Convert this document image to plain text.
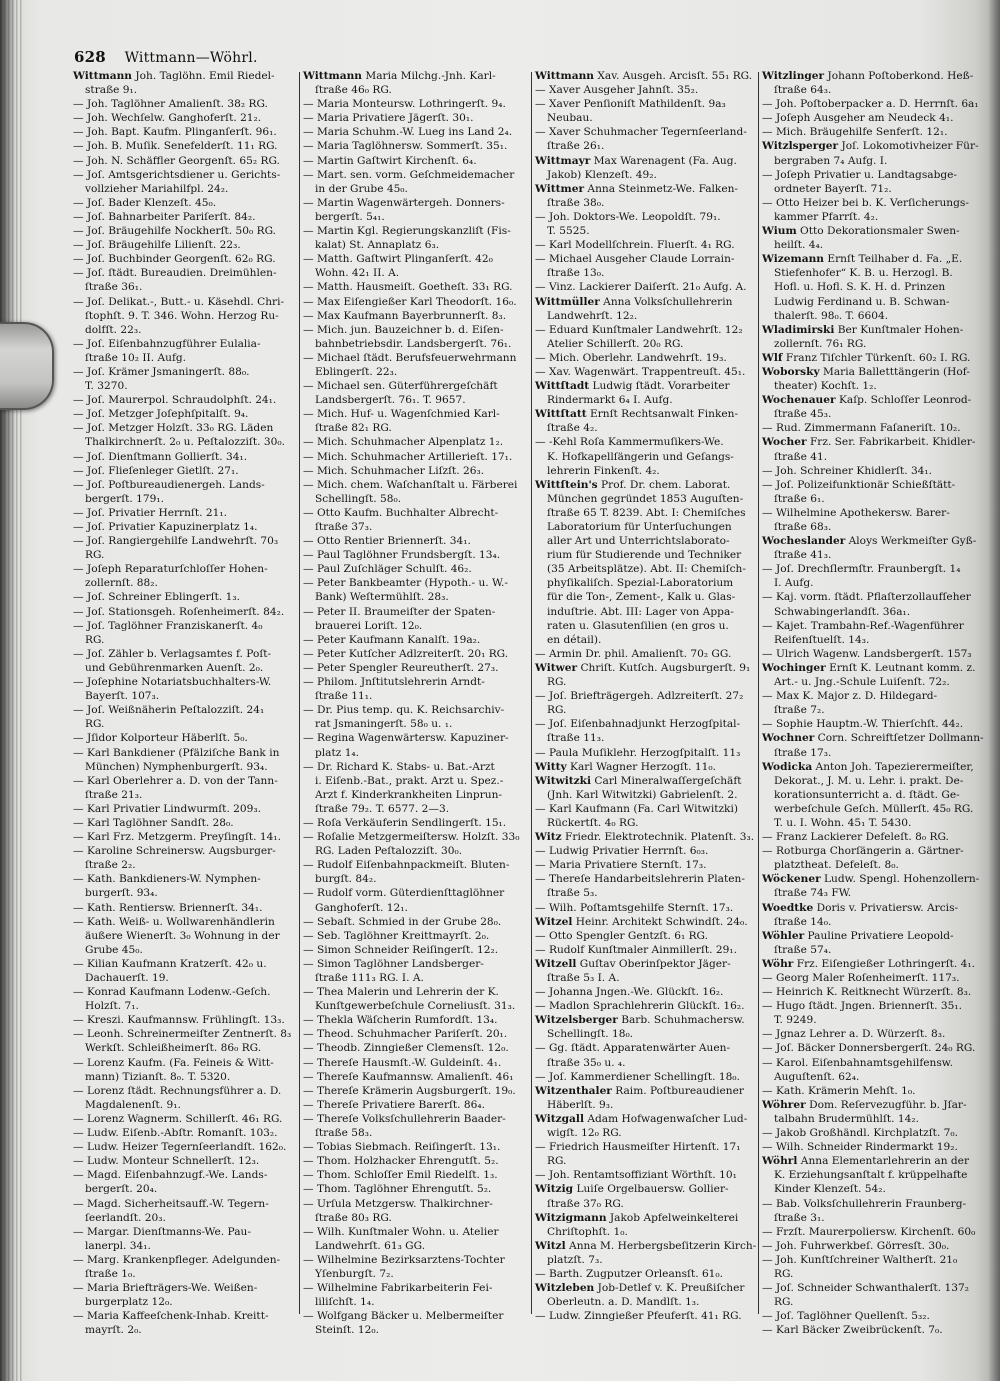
628 Wittmann—Wöhrl.
Wittmann Joh. Taglöhn. Emil Riedel-
straße 9₁.
— Joh. Taglöhner Amalienſt. 38₂ RG.
— Joh. Wechſelw. Ganghoferſt. 21₂.
— Joh. Bapt. Kaufm. Plinganſerſt. 96₁.
— Joh. B. Muſik. Senefelderſt. 11₁ RG.
— Joh. N. Schäffler Georgenſt. 65₂ RG.
— Joſ. Amtsgerichtsdiener u. Gerichts-
vollzieher Mariahilfpl. 24₂.
— Joſ. Bader Klenzeſt. 45₀.
— Joſ. Bahnarbeiter Pariſerſt. 84₂.
— Joſ. Bräugehilfe Nockherſt. 50₀ RG.
— Joſ. Bräugehilfe Lilienſt. 22₃.
— Joſ. Buchbinder Georgenſt. 62₀ RG.
— Joſ. ſtädt. Bureaudien. Dreimühlen-
ſtraße 36₁.
— Joſ. Delikat.-, Butt.- u. Käsehdl. Chri-
ſtophſt. 9. T. 346. Wohn. Herzog Ru-
dolfſt. 22₃.
— Joſ. Eiſenbahnzugführer Eulalia-
ſtraße 10₂ II. Aufg.
— Joſ. Krämer Jsmaningerſt. 88₀.
T. 3270.
— Joſ. Maurerpol. Schraudolphſt. 24₁.
— Joſ. Metzger Joſephſpitalſt. 9₄.
— Joſ. Metzger Holzſt. 33₀ RG. Läden
Thalkirchnerſt. 2₀ u. Peſtalozziſt. 30₀.
— Joſ. Dienſtmann Gollierſt. 34₁.
— Joſ. Flieſenleger Gietlſt. 27₁.
— Joſ. Poſtbureaudienergeh. Lands-
bergerſt. 179₁.
— Joſ. Privatier Herrnſt. 21₁.
— Joſ. Privatier Kapuzinerplatz 1₄.
— Joſ. Rangiergehilfe Landwehrſt. 70₃
RG.
— Joſeph Reparaturſchloſſer Hohen-
zollernſt. 88₂.
— Joſ. Schreiner Eblingerſt. 1₃.
— Joſ. Stationsgeh. Roſenheimerſt. 84₂.
— Joſ. Taglöhner Franziskanerſt. 4₀
RG.
— Joſ. Zähler b. Verlagsamtes f. Poſt-
und Gebührenmarken Auenſt. 2₀.
— Joſephine Notariatsbuchhalters-W.
Bayerſt. 107₃.
— Joſ. Weißnäherin Peſtalozziſt. 24₁
RG.
— Jſidor Kolporteur Häberlſt. 5₀.
— Karl Bankdiener (Pfälziſche Bank in
München) Nymphenburgerſt. 93₄.
— Karl Oberlehrer a. D. von der Tann-
ſtraße 21₃.
— Karl Privatier Lindwurmſt. 209₃.
— Karl Taglöhner Sandſt. 28₀.
— Karl Frz. Metzgerm. Preyſingſt. 14₁.
— Karoline Schreinersw. Augsburger-
ſtraße 2₂.
— Kath. Bankdieners-W. Nymphen-
burgerſt. 93₄.
— Kath. Rentiersw. Briennerſt. 34₁.
— Kath. Weiß- u. Wollwarenhändlerin
äußere Wienerſt. 3₀ Wohnung in der
Grube 45₀.
— Kilian Kaufmann Kratzerſt. 42₀ u.
Dachauerſt. 19.
— Konrad Kaufmann Lodenw.-Geſch.
Holzſt. 7₁.
— Kreszi. Kaufmannsw. Frühlingſt. 13₃.
— Leonh. Schreinermeiſter Zentnerſt. 8₃
Werkſt. Schleißheimerſt. 86₀ RG.
— Lorenz Kaufm. (Fa. Feineis & Witt-
mann) Tizianſt. 8₀. T. 5320.
— Lorenz ſtädt. Rechnungsführer a. D.
Magdalenenſt. 9₁.
— Lorenz Wagnerm. Schillerſt. 46₁ RG.
— Ludw. Eiſenb.-Abſtr. Romanſt. 103₂.
— Ludw. Heizer Tegernſeerlandſt. 162₀.
— Ludw. Monteur Schnellerſt. 12₃.
— Magd. Eiſenbahnzugf.-We. Lands-
bergerſt. 20₄.
— Magd. Sicherheitsauff.-W. Tegern-
ſeerlandſt. 20₃.
— Margar. Dienſtmanns-We. Pau-
lanerpl. 34₁.
— Marg. Krankenpfleger. Adelgunden-
ſtraße 1₀.
— Maria Briefträgers-We. Weißen-
burgerplatz 12₀.
— Maria Kaffeeſchenk-Inhab. Kreitt-
mayrſt. 2₀.
Wittmann Maria Milchg.-Jnh. Karl-
ſtraße 46₀ RG.
— Maria Monteursw. Lothringerſt. 9₄.
— Maria Privatiere Jägerſt. 30₁.
— Maria Schuhm.-W. Lueg ins Land 2₄.
— Maria Taglöhnersw. Sommerſt. 35₁.
— Martin Gaſtwirt Kirchenſt. 6₄.
— Mart. sen. vorm. Geſchmeidemacher
in der Grube 45₀.
— Martin Wagenwärtergeh. Donners-
bergerſt. 5₄₁.
— Martin Kgl. Regierungskanzliſt (Fis-
kalat) St. Annaplatz 6₃.
— Matth. Gaſtwirt Plinganſerſt. 42₀
Wohn. 42₁ II. A.
— Matth. Hausmeiſt. Goetheſt. 33₁ RG.
— Max Eiſengießer Karl Theodorſt. 16₀.
— Max Kaufmann Bayerbrunnerſt. 8₃.
— Mich. jun. Bauzeichner b. d. Eiſen-
bahnbetriebsdir. Landsbergerſt. 76₁.
— Michael ſtädt. Berufsfeuerwehrmann
Eblingerſt. 22₃.
— Michael sen. Güterführergeſchäft
Landsbergerſt. 76₁. T. 9657.
— Mich. Huf- u. Wagenſchmied Karl-
ſtraße 82₁ RG.
— Mich. Schuhmacher Alpenplatz 1₂.
— Mich. Schuhmacher Artillerieſt. 17₁.
— Mich. Schuhmacher Liſzſt. 26₃.
— Mich. chem. Waſchanſtalt u. Färberei
Schellingſt. 58₀.
— Otto Kaufm. Buchhalter Albrecht-
ſtraße 37₃.
— Otto Rentier Briennerſt. 34₁.
— Paul Taglöhner Frundsbergſt. 13₄.
— Paul Zuſchläger Schulſt. 46₂.
— Peter Bankbeamter (Hypoth.- u. W.-
Bank) Weſtermühlſt. 28₃.
— Peter II. Braumeiſter der Spaten-
brauerei Loriſt. 12₀.
— Peter Kaufmann Kanalſt. 19a₂.
— Peter Kutſcher Adlzreiterſt. 20₁ RG.
— Peter Spengler Reureutherſt. 27₃.
— Philom. Jnſtitutslehrerin Arndt-
ſtraße 11₁.
— Dr. Pius temp. qu. K. Reichsarchiv-
rat Jsmaningerſt. 58₀ u. ₁.
— Regina Wagenwärtersw. Kapuziner-
platz 1₄.
— Dr. Richard K. Stabs- u. Bat.-Arzt
i. Eiſenb.-Bat., prakt. Arzt u. Spez.-
Arzt f. Kinderkrankheiten Linprun-
ſtraße 79₂. T. 6577. 2—3.
— Roſa Verkäuferin Sendlingerſt. 15₁.
— Roſalie Metzgermeiſtersw. Holzſt. 33₀
RG. Laden Peſtalozziſt. 30₀.
— Rudolf Eiſenbahnpackmeiſt. Bluten-
burgſt. 84₂.
— Rudolf vorm. Güterdienſttaglöhner
Ganghoferſt. 12₁.
— Sebaſt. Schmied in der Grube 28₀.
— Seb. Taglöhner Kreittmayrſt. 2₀.
— Simon Schneider Reiſingerſt. 12₂.
— Simon Taglöhner Landsberger-
ſtraße 111₃ RG. I. A.
— Thea Malerin und Lehrerin der K.
Kunſtgewerbeſchule Corneliusſt. 31₃.
— Thekla Wäſcherin Rumfordſt. 13₄.
— Theod. Schuhmacher Pariſerſt. 20₁.
— Theodb. Zinngießer Clemensſt. 12₀.
— Thereſe Hausmſt.-W. Guldeinſt. 4₁.
— Thereſe Kaufmannsw. Amalienſt. 46₁
— Thereſe Krämerin Augsburgerſt. 19₀.
— Thereſe Privatiere Barerſt. 86₄.
— Thereſe Volksſchullehrerin Baader-
ſtraße 58₃.
— Tobias Siebmach. Reiſingerſt. 13₁.
— Thom. Holzhacker Ehrengutſt. 5₂.
— Thom. Schloſſer Emil Riedelſt. 1₃.
— Thom. Taglöhner Ehrengutſt. 5₂.
— Urſula Metzgersw. Thalkirchner-
ſtraße 80₃ RG.
— Wilh. Kunſtmaler Wohn. u. Atelier
Landwehrſt. 61₃ GG.
— Wilhelmine Bezirksarztens-Tochter
Yſenburgſt. 7₂.
— Wilhelmine Fabrikarbeiterin Fei-
liliſchſt. 1₄.
— Wolfgang Bäcker u. Melbermeiſter
Steinſt. 12₀.
Wittmann Xav. Ausgeh. Arcisſt. 55₁ RG.
— Xaver Ausgeher Jahnſt. 35₂.
— Xaver Penſioniſt Mathildenſt. 9a₃
Neubau.
— Xaver Schuhmacher Tegernſeerland-
ſtraße 26₁.
Wittmayr Max Warenagent (Fa. Aug.
Jakob) Klenzeſt. 49₂.
Wittmer Anna Steinmetz-We. Falken-
ſtraße 38₀.
— Joh. Doktors-We. Leopoldſt. 79₁.
T. 5525.
— Karl Modellſchrein. Fluerſt. 4₁ RG.
— Michael Ausgeher Claude Lorrain-
ſtraße 13₀.
— Vinz. Lackierer Daiſerſt. 21₀ Aufg. A.
Wittmüller Anna Volksſchullehrerin
Landwehrſt. 12₂.
— Eduard Kunſtmaler Landwehrſt. 12₂
Atelier Schillerſt. 20₀ RG.
— Mich. Oberlehr. Landwehrſt. 19₃.
— Xav. Wagenwärt. Trappentreuſt. 45₁.
Wittſtadt Ludwig ſtädt. Vorarbeiter
Rindermarkt 6₄ I. Aufg.
Wittſtatt Ernſt Rechtsanwalt Finken-
ſtraße 4₂.
— -Kehl Roſa Kammermuſikers-We.
K. Hofkapellſängerin und Geſangs-
lehrerin Finkenſt. 4₂.
Wittſtein's Prof. Dr. chem. Laborat.
München gegründet 1853 Auguſten-
ſtraße 65 T. 8239. Abt. I: Chemiſches
Laboratorium für Unterſuchungen
aller Art und Unterrichtslaborato-
rium für Studierende und Techniker
(35 Arbeitsplätze). Abt. II: Chemiſch-
phyſikaliſch. Spezial-Laboratorium
für die Ton-, Zement-, Kalk u. Glas-
induſtrie. Abt. III: Lager von Appa-
raten u. Glasutenſilien (en gros u.
en détail).
— Armin Dr. phil. Amalienſt. 70₂ GG.
Witwer Chriſt. Kutſch. Augsburgerſt. 9₁
RG.
— Joſ. Briefträgergeh. Adlzreiterſt. 27₂
RG.
— Joſ. Eiſenbahnadjunkt Herzogſpital-
ſtraße 11₃.
— Paula Muſiklehr. Herzogſpitalſt. 11₃
Witty Karl Wagner Herzogſt. 11₀.
Witwitzki Carl Mineralwaſſergeſchäft
(Jnh. Karl Witwitzki) Gabrielenſt. 2.
— Karl Kaufmann (Fa. Carl Witwitzki)
Rückertſt. 4₀ RG.
Witz Friedr. Elektrotechnik. Platenſt. 3₃.
— Ludwig Privatier Herrnſt. 6₀₃.
— Maria Privatiere Sternſt. 17₃.
— Thereſe Handarbeitslehrerin Platen-
ſtraße 5₃.
— Wilh. Poſtamtsgehilfe Sternſt. 17₃.
Witzel Heinr. Architekt Schwindſt. 24₀.
— Otto Spengler Gentzſt. 6₁ RG.
— Rudolf Kunſtmaler Ainmillerſt. 29₁.
Witzell Guſtav Oberinſpektor Jäger-
ſtraße 5₃ I. A.
— Johanna Jngen.-We. Glückſt. 16₂.
— Madlon Sprachlehrerin Glückſt. 16₂.
Witzelsberger Barb. Schuhmachersw.
Schellingſt. 18₀.
— Gg. ſtädt. Apparatenwärter Auen-
ſtraße 35₀ u. ₄.
— Joſ. Kammerdiener Schellingſt. 18₀.
Witzenthaler Raim. Poſtbureaudiener
Häberlſt. 9₃.
Witzgall Adam Hofwagenwaſcher Lud-
wigſt. 12₀ RG.
— Friedrich Hausmeiſter Hirtenſt. 17₁
RG.
— Joh. Rentamtsoffiziant Wörthſt. 10₁
Witzig Luiſe Orgelbauersw. Gollier-
ſtraße 37₀ RG.
Witzigmann Jakob Apfelweinkelterei
Chriſtophſt. 1₀.
Witzl Anna M. Herbergsbeſitzerin Kirch-
platzſt. 7₃.
— Barth. Zugputzer Orleansſt. 61₀.
Witzleben Job-Detlef v. K. Preußiſcher
Oberleutn. a. D. Mandlſt. 1₃.
— Ludw. Zinngießer Pfeuferſt. 41₁ RG.
Witzlinger Johann Poſtoberkond. Heß-
ſtraße 64₃.
— Joh. Poſtoberpacker a. D. Herrnſt. 6a₁
— Joſeph Ausgeher am Neudeck 4₁.
— Mich. Bräugehilfe Senferſt. 12₁.
Witzlsperger Joſ. Lokomotivheizer Für-
bergraben 7₄ Aufg. I.
— Joſeph Privatier u. Landtagsabge-
ordneter Bayerſt. 71₂.
— Otto Heizer bei b. K. Verſicherungs-
kammer Pfarrſt. 4₂.
Wium Otto Dekorationsmaler Swen-
heilſt. 4₄.
Wizemann Ernſt Teilhaber d. Fa. „E.
Stiefenhofer“ K. B. u. Herzogl. B.
Hofl. u. Hofl. S. K. H. d. Prinzen
Ludwig Ferdinand u. B. Schwan-
thalerſt. 98₀. T. 6604.
Wladimirski Ber Kunſtmaler Hohen-
zollernſt. 76₁ RG.
Wlf Franz Tiſchler Türkenſt. 60₂ I. RG.
Woborsky Maria Balletttängerin (Hof-
theater) Kochſt. 1₂.
Wochenauer Kaſp. Schloſſer Leonrod-
ſtraße 45₃.
— Rud. Zimmermann Faſaneriſt. 10₂.
Wocher Frz. Ser. Fabrikarbeit. Khidler-
ſtraße 41.
— Joh. Schreiner Khidlerſt. 34₁.
— Joſ. Polizeifunktionär Schießſtätt-
ſtraße 6₁.
— Wilhelmine Apothekersw. Barer-
ſtraße 68₃.
Wocheslander Aloys Werkmeiſter Gyß-
ſtraße 41₃.
— Joſ. Drechſlermſtr. Fraunbergſt. 1₄
I. Aufg.
— Kaj. vorm. ſtädt. Pflaſterzollaufſeher
Schwabingerlandſt. 36a₁.
— Kajet. Trambahn-Ref.-Wagenführer
Reifenſtuelſt. 14₃.
— Ulrich Wagenw. Landsbergerſt. 157₃
Wochinger Ernſt K. Leutnant komm. z.
Art.- u. Jng.-Schule Luiſenſt. 72₂.
— Max K. Major z. D. Hildegard-
ſtraße 7₂.
— Sophie Hauptm.-W. Thierſchſt. 44₂.
Wochner Corn. Schreiftſetzer Dollmann-
ſtraße 17₃.
Wodicka Anton Joh. Tapezierermeiſter,
Dekorat., J. M. u. Lehr. i. prakt. De-
korationsunterricht a. d. ſtädt. Ge-
werbeſchule Geſch. Müllerſt. 45₀ RG.
T. u. I. Wohn. 45₁ T. 5430.
— Franz Lackierer Defeleſt. 8₀ RG.
— Rotburga Chorſängerin a. Gärtner-
platztheat. Defeleſt. 8₀.
Wöckener Ludw. Spengl. Hohenzollern-
ſtraße 74₃ FW.
Woedtke Doris v. Privatiersw. Arcis-
ſtraße 14₀.
Wöhler Pauline Privatiere Leopold-
ſtraße 57₄.
Wöhr Frz. Eiſengießer Lothringerſt. 4₁.
— Georg Maler Roſenheimerſt. 117₃.
— Heinrich K. Reitknecht Würzerſt. 8₃.
— Hugo ſtädt. Jngen. Briennerſt. 35₁.
T. 9249.
— Jgnaz Lehrer a. D. Würzerſt. 8₃.
— Joſ. Bäcker Donnersbergerſt. 24₀ RG.
— Karol. Eiſenbahnamtsgehilfensw.
Auguſtenſt. 62₄.
— Kath. Krämerin Mehſt. 1₀.
Wöhrer Dom. Reſervezugführ. b. Jſar-
talbahn Brudermühlſt. 14₂.
— Jakob Großhändl. Kirchplatzſt. 7₀.
— Wilh. Schneider Rindermarkt 19₂.
Wöhrl Anna Elementarlehrerin an der
K. Erziehungsanſtalt f. krüppelhafte
Kinder Klenzeſt. 54₂.
— Bab. Volksſchullehrerin Fraunberg-
ſtraße 3₁.
— Frzſt. Maurerpoliersw. Kirchenſt. 60₀
— Joh. Fuhrwerkbeſ. Görresſt. 30₀.
— Joh. Kunſtſchreiner Waltherſt. 21₀
RG.
— Joſ. Schneider Schwanthalerſt. 137₂
RG.
— Joſ. Taglöhner Quellenſt. 5₃₂.
— Karl Bäcker Zweibrückenſt. 7₀.
